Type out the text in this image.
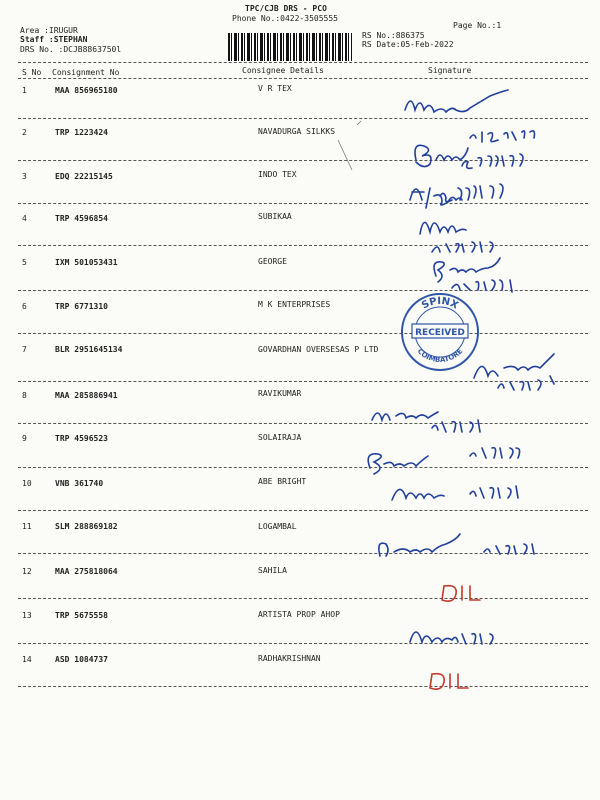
TPC/CJB DRS - PCO
Phone No.:0422-3505555
Area :IRUGUR
Staff :STEPHAN
DRS No. :DCJB8863750l
RS No.:886375
RS Date:05-Feb-2022
Page No.:1
S No Consignment No	Consignee Details	Signature
1	MAA 856965180	V R TEX
2	TRP 1223424	NAVADURGA SILKKS
3	EDQ 22215145	INDO TEX
4	TRP 4596854	SUBIKAA
5	IXM 501053431	GEORGE
6	TRP 6771310	M K ENTERPRISES
7	BLR 2951645134	GOVARDHAN OVERSESAS P LTD
8	MAA 285886941	RAVIKUMAR
9	TRP 4596523	SOLAIRAJA
10	VNB 361740	ABE BRIGHT
11	SLM 288869182	LOGAMBAL
12	MAA 275818064	SAHILA
13	TRP 5675558	ARTISTA PROP AHOP
14	ASD 1084737	RADHAKRISHNAN
SPINX
RECEIVED
COIMBATORE
